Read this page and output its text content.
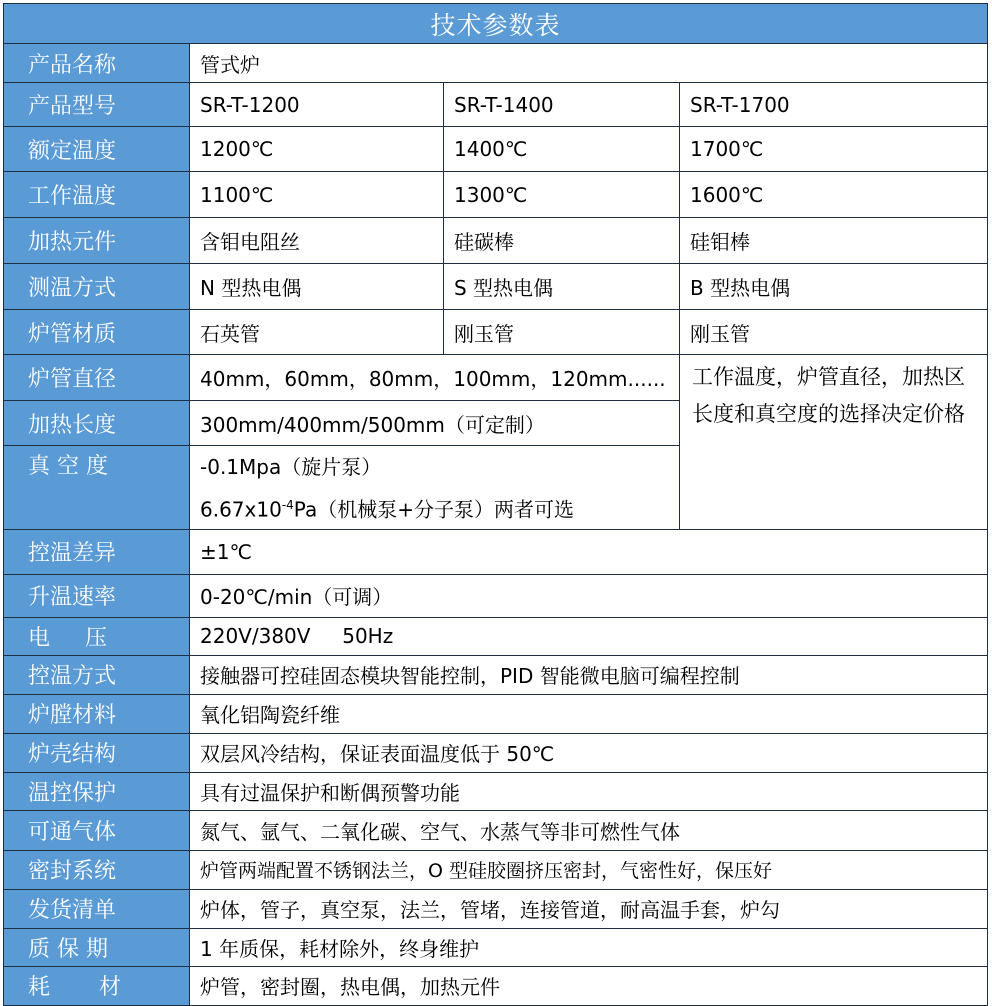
技术参数表			
产品名称	管式炉		
产品型号	SR-T-1200	SR-T-1400	SR-T-1700
额定温度	1200℃	1400℃	1700℃
工作温度	1100℃	1300℃	1600℃
加热元件	含钼电阻丝	硅碳棒	硅钼棒
测温方式	N 型热电偶	S 型热电偶	B 型热电偶
炉管材质	石英管	刚玉管	刚玉管
炉管直径	40mm，60mm，80mm，100mm，120mm......		工作温度，炉管直径，加热区长度和真空度的选择决定价格
加热长度	300mm/400mm/500mm（可定制）		
真 空 度	-0.1Mpa（旋片泵）
$6.67x10^{-4}Pa$（机械泵+分子泵）两者可选		

控温差异	±1℃		
升温速率	0-20℃/min（可调）		
电     压	220V/380V     50Hz		
控温方式	接触器可控硅固态模块智能控制，PID 智能微电脑可编程控制		
炉膛材料	氧化铝陶瓷纤维		
炉壳结构	双层风冷结构，保证表面温度低于 50℃		
温控保护	具有过温保护和断偶预警功能		
可通气体	氮气、氩气、二氧化碳、空气、水蒸气等非可燃性气体		
密封系统	炉管两端配置不锈钢法兰，O 型硅胶圈挤压密封，气密性好，保压好		
发货清单	炉体，管子，真空泵，法兰，管堵，连接管道，耐高温手套，炉勾		
质 保 期	1 年质保，耗材除外，终身维护		
耗       材	炉管，密封圈，热电偶，加热元件		
